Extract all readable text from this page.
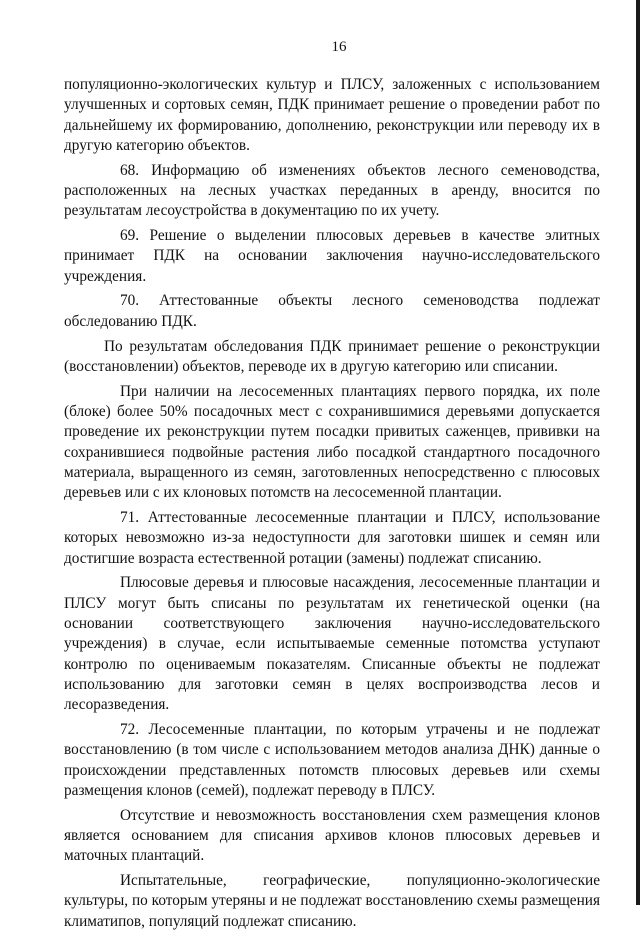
16

популяционно-экологических культур и ПЛСУ, заложенных с использованием улучшенных и сортовых семян, ПДК принимает решение о проведении работ по дальнейшему их формированию, дополнению, реконструкции или переводу их в другую категорию объектов.

68. Информацию об изменениях объектов лесного семеноводства, расположенных на лесных участках переданных в аренду, вносится по результатам лесоустройства в документацию по их учету.

69. Решение о выделении плюсовых деревьев в качестве элитных принимает ПДК на основании заключения научно-исследовательского учреждения.

70. Аттестованные объекты лесного семеноводства подлежат обследованию ПДК.

По результатам обследования ПДК принимает решение о реконструкции (восстановлении) объектов, переводе их в другую категорию или списании.

При наличии на лесосеменных плантациях первого порядка, их поле (блоке) более 50% посадочных мест с сохранившимися деревьями допускается проведение их реконструкции путем посадки привитых саженцев, прививки на сохранившиеся подвойные растения либо посадкой стандартного посадочного материала, выращенного из семян, заготовленных непосредственно с плюсовых деревьев или с их клоновых потомств на лесосеменной плантации.

71. Аттестованные лесосеменные плантации и ПЛСУ, использование которых невозможно из-за недоступности для заготовки шишек и семян или достигшие возраста естественной ротации (замены) подлежат списанию.

Плюсовые деревья и плюсовые насаждения, лесосеменные плантации и ПЛСУ могут быть списаны по результатам их генетической оценки (на основании соответствующего заключения научно-исследовательского учреждения) в случае, если испытываемые семенные потомства уступают контролю по оцениваемым показателям. Списанные объекты не подлежат использованию для заготовки семян в целях воспроизводства лесов и лесоразведения.

72. Лесосеменные плантации, по которым утрачены и не подлежат восстановлению (в том числе с использованием методов анализа ДНК) данные о происхождении представленных потомств плюсовых деревьев или схемы размещения клонов (семей), подлежат переводу в ПЛСУ.

Отсутствие и невозможность восстановления схем размещения клонов является основанием для списания архивов клонов плюсовых деревьев и маточных плантаций.

Испытательные, географические, популяционно-экологические культуры, по которым утеряны и не подлежат восстановлению схемы размещения климатипов, популяций подлежат списанию.
